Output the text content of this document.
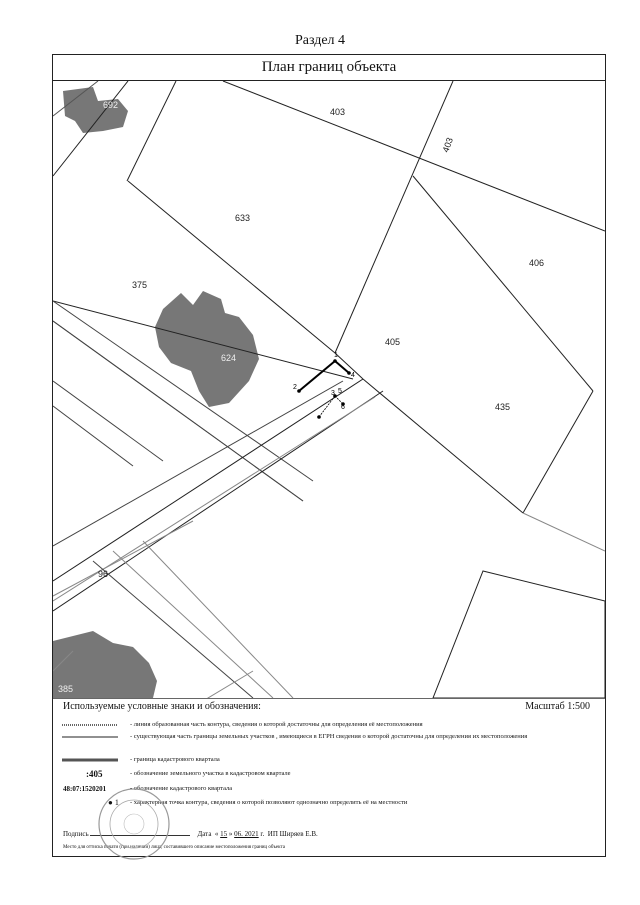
Раздел 4
План границ объекта
1
2
3
4
5
6
692
403
403
633
406
375
624
405
435
96
385
Используемые условные знаки и обозначения:	Масштаб 1:500
- линия образованная часть контура, сведения о которой достаточны для определения её местоположения
- существующая часть границы земельных участков , имеющиеся в ЕГРН сведения о которой достаточны для определения их местоположения
- граница кадастрового квартала
:405	- обозначение земельного участка в кадастровом квартале
48:07:1520201	- обозначение кадастрового квартала
● 1	- характерная точка контура, сведения о которой позволяют однозначно определить её на местности
Подпись	Дата  « 15 » 06. 2021 г. ИП Ширяев Е.В.
Место для оттиска печати (при наличии) лица, составившего описание местоположения границ объекта
